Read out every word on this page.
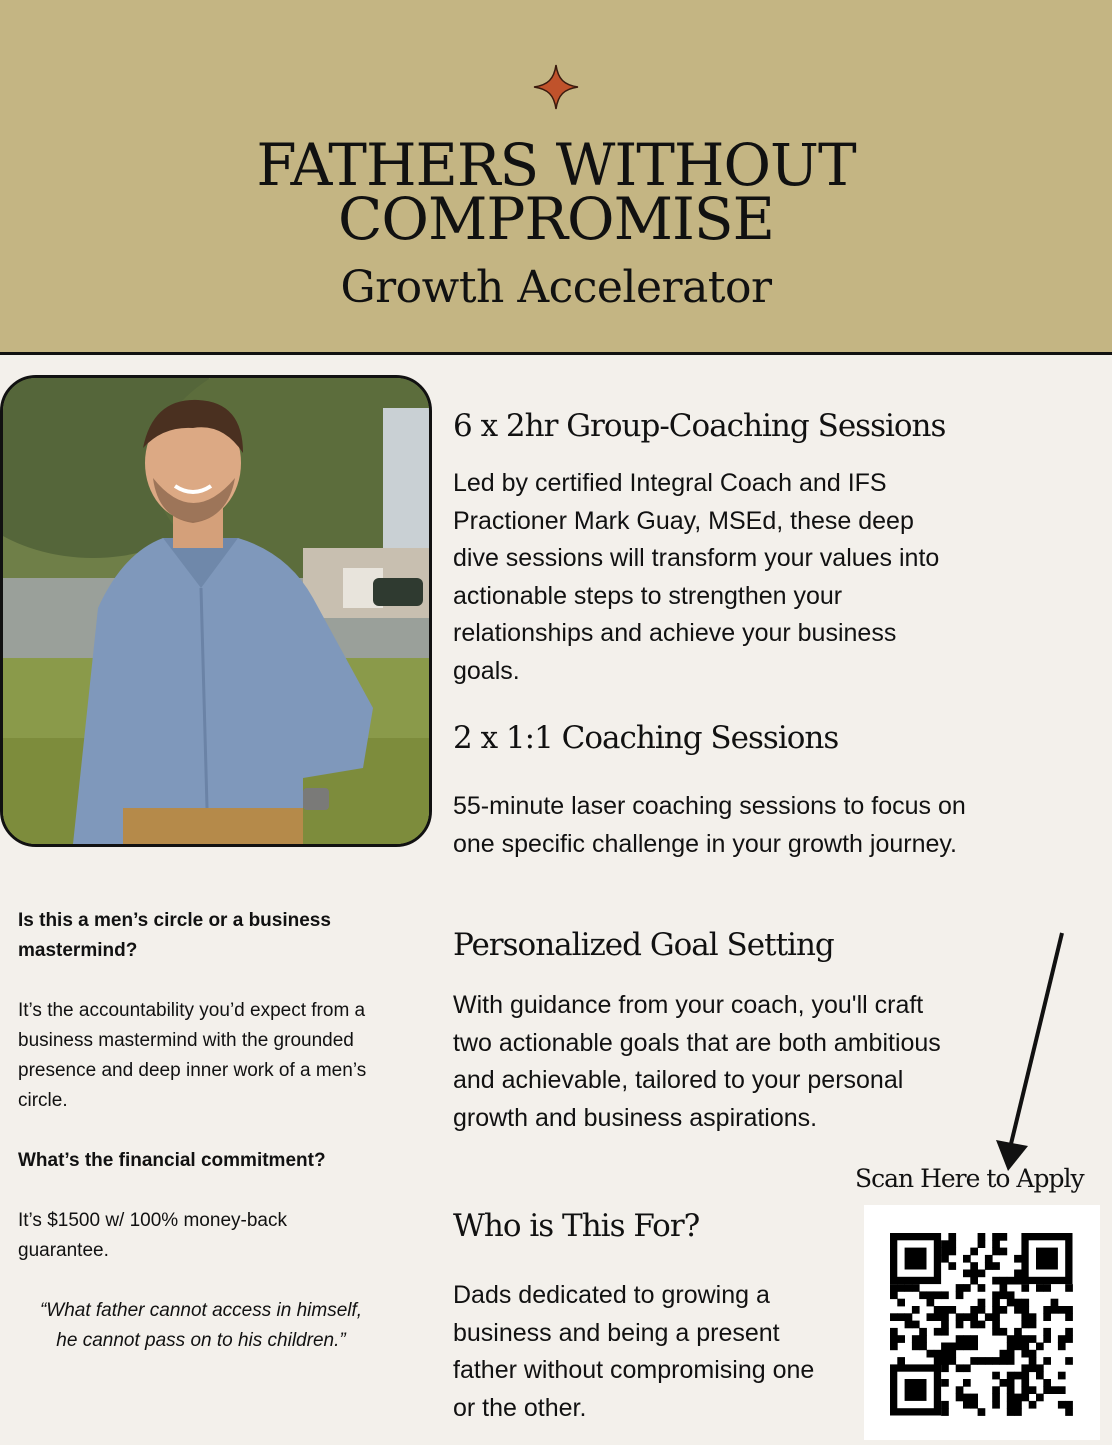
FATHERS WITHOUT
COMPROMISE
Growth Accelerator

Is this a men’s circle or a business mastermind?

It’s the accountability you’d expect from a business mastermind with the grounded presence and deep inner work of a men’s circle.

What’s the financial commitment?

It’s $1500 w/ 100% money-back guarantee.

“What father cannot access in himself, he cannot pass on to his children.”
6 x 2hr Group-Coaching Sessions
Led by certified Integral Coach and IFS Practioner Mark Guay, MSEd, these deep dive sessions will transform your values into actionable steps to strengthen your relationships and achieve your business goals.
2 x 1:1 Coaching Sessions
55-minute laser coaching sessions to focus on one specific challenge in your growth journey.
Personalized Goal Setting
With guidance from your coach, you'll craft two actionable goals that are both ambitious and achievable, tailored to your personal growth and business aspirations.
Who is This For?
Dads dedicated to growing a business and being a present father without compromising one or the other.
Scan Here to Apply
